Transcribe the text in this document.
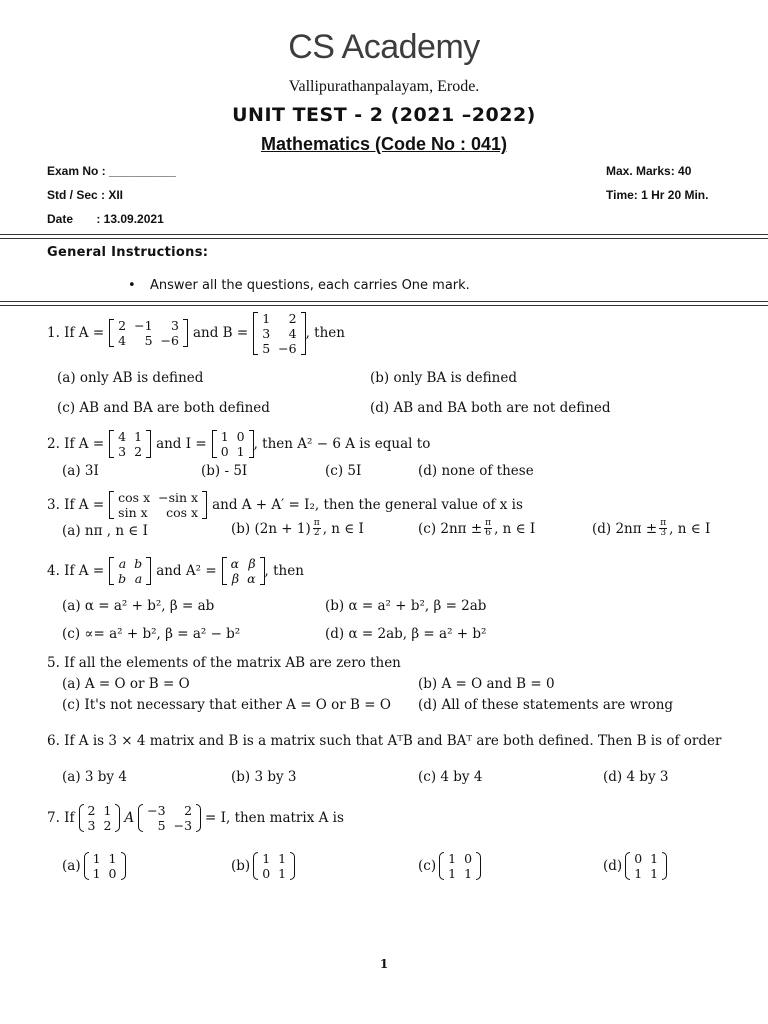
CS Academy
Vallipurathanpalayam, Erode.
UNIT TEST - 2 (2021 –2022)
Mathematics (Code No : 041)
Exam No : __________
Std / Sec : XII
Date       : 13.09.2021
Max. Marks: 40
Time: 1 Hr 20 Min.
General Instructions:
• Answer all the questions, each carries One mark.
1. If A = 2	−1	3
4	5	−6 and B =
1	2
3	4
5	−6
, then
(a) only AB is defined	(b) only BA is defined
(c) AB and BA are both defined	(d) AB and BA both are not defined
2. If A = 4	1
3	2 and I = 1	0
0	1 , then A² − 6 A is equal to
(a) 3I	(b) - 5I	(c) 5I	(d) none of these
3. If A = cos x	−sin x
sin x	cos x and A + A′ = I₂, then the general value of x is
(a) nπ , n ∈ I	(b) $(2n + 1) \frac{\pi}{2}$ , n ∈ I	(c) $2n\pi \pm \frac{\pi}{6}$ , n ∈ I	(d) $2n\pi \pm \frac{\pi}{3}$ , n ∈ I
4. If A = a	b
b	a and A² = α	β
β	α , then
(a) α = a² + b², β = ab	(b) α = a² + b², β = 2ab
(c) ∝= a² + b², β = a² − b²	(d) α = 2ab, β = a² + b²
5. If all the elements of the matrix AB are zero then
(a) A = O or B = O	(b) A = O and B = 0
(c) It's not necessary that either A = O or B = O (d) All of these statements are wrong
6. If A is 3 × 4 matrix and B is a matrix such that AᵀB and BAᵀ are both defined. Then B is of order
(a) 3 by 4	(b) 3 by 3	(c) 4 by 4	(d) 4 by 3
7. If 2	1
3	2 A −3	2
5	−3 = I, then matrix A is
(a) 1	1
1	0	(b) 1	1
0	1	(c) 1	0
1	1	(d) 0	1
1	1
1
